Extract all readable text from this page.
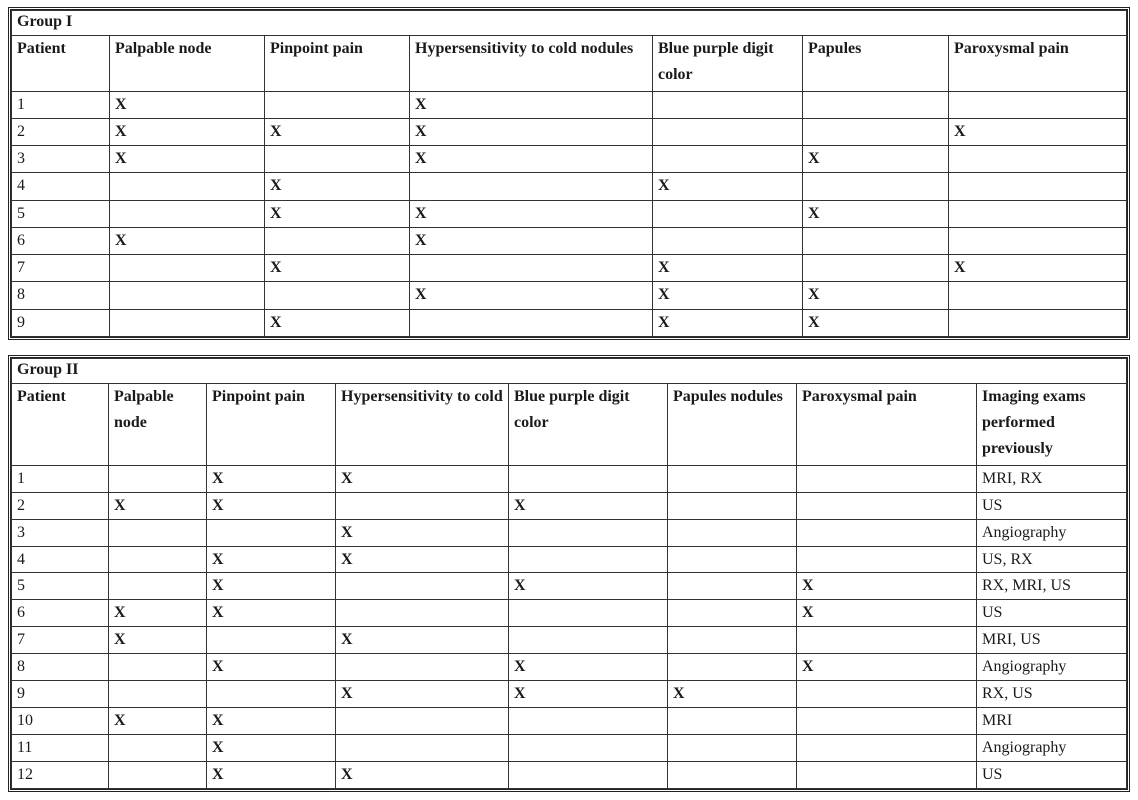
Group I						
Patient	Palpable node	Pinpoint pain	Hypersensitivity to cold nodules	Blue purple digit color	Papules	Paroxysmal pain
1	X		X			
2	X	X	X			X
3	X		X		X	
4		X		X		
5		X	X		X	
6	X		X			
7		X		X		X
8			X	X	X	
9		X		X	X	
Group II							
Patient	Palpable node	Pinpoint pain	Hypersensitivity to cold	Blue purple digit color	Papules nodules	Paroxysmal pain	Imaging exams performed previously
1		X	X				MRI, RX
2	X	X		X			US
3			X				Angiography
4		X	X				US, RX
5		X		X		X	RX, MRI, US
6	X	X				X	US
7	X		X				MRI, US
8		X		X		X	Angiography
9			X	X	X		RX, US
10	X	X					MRI
11		X					Angiography
12		X	X				US
